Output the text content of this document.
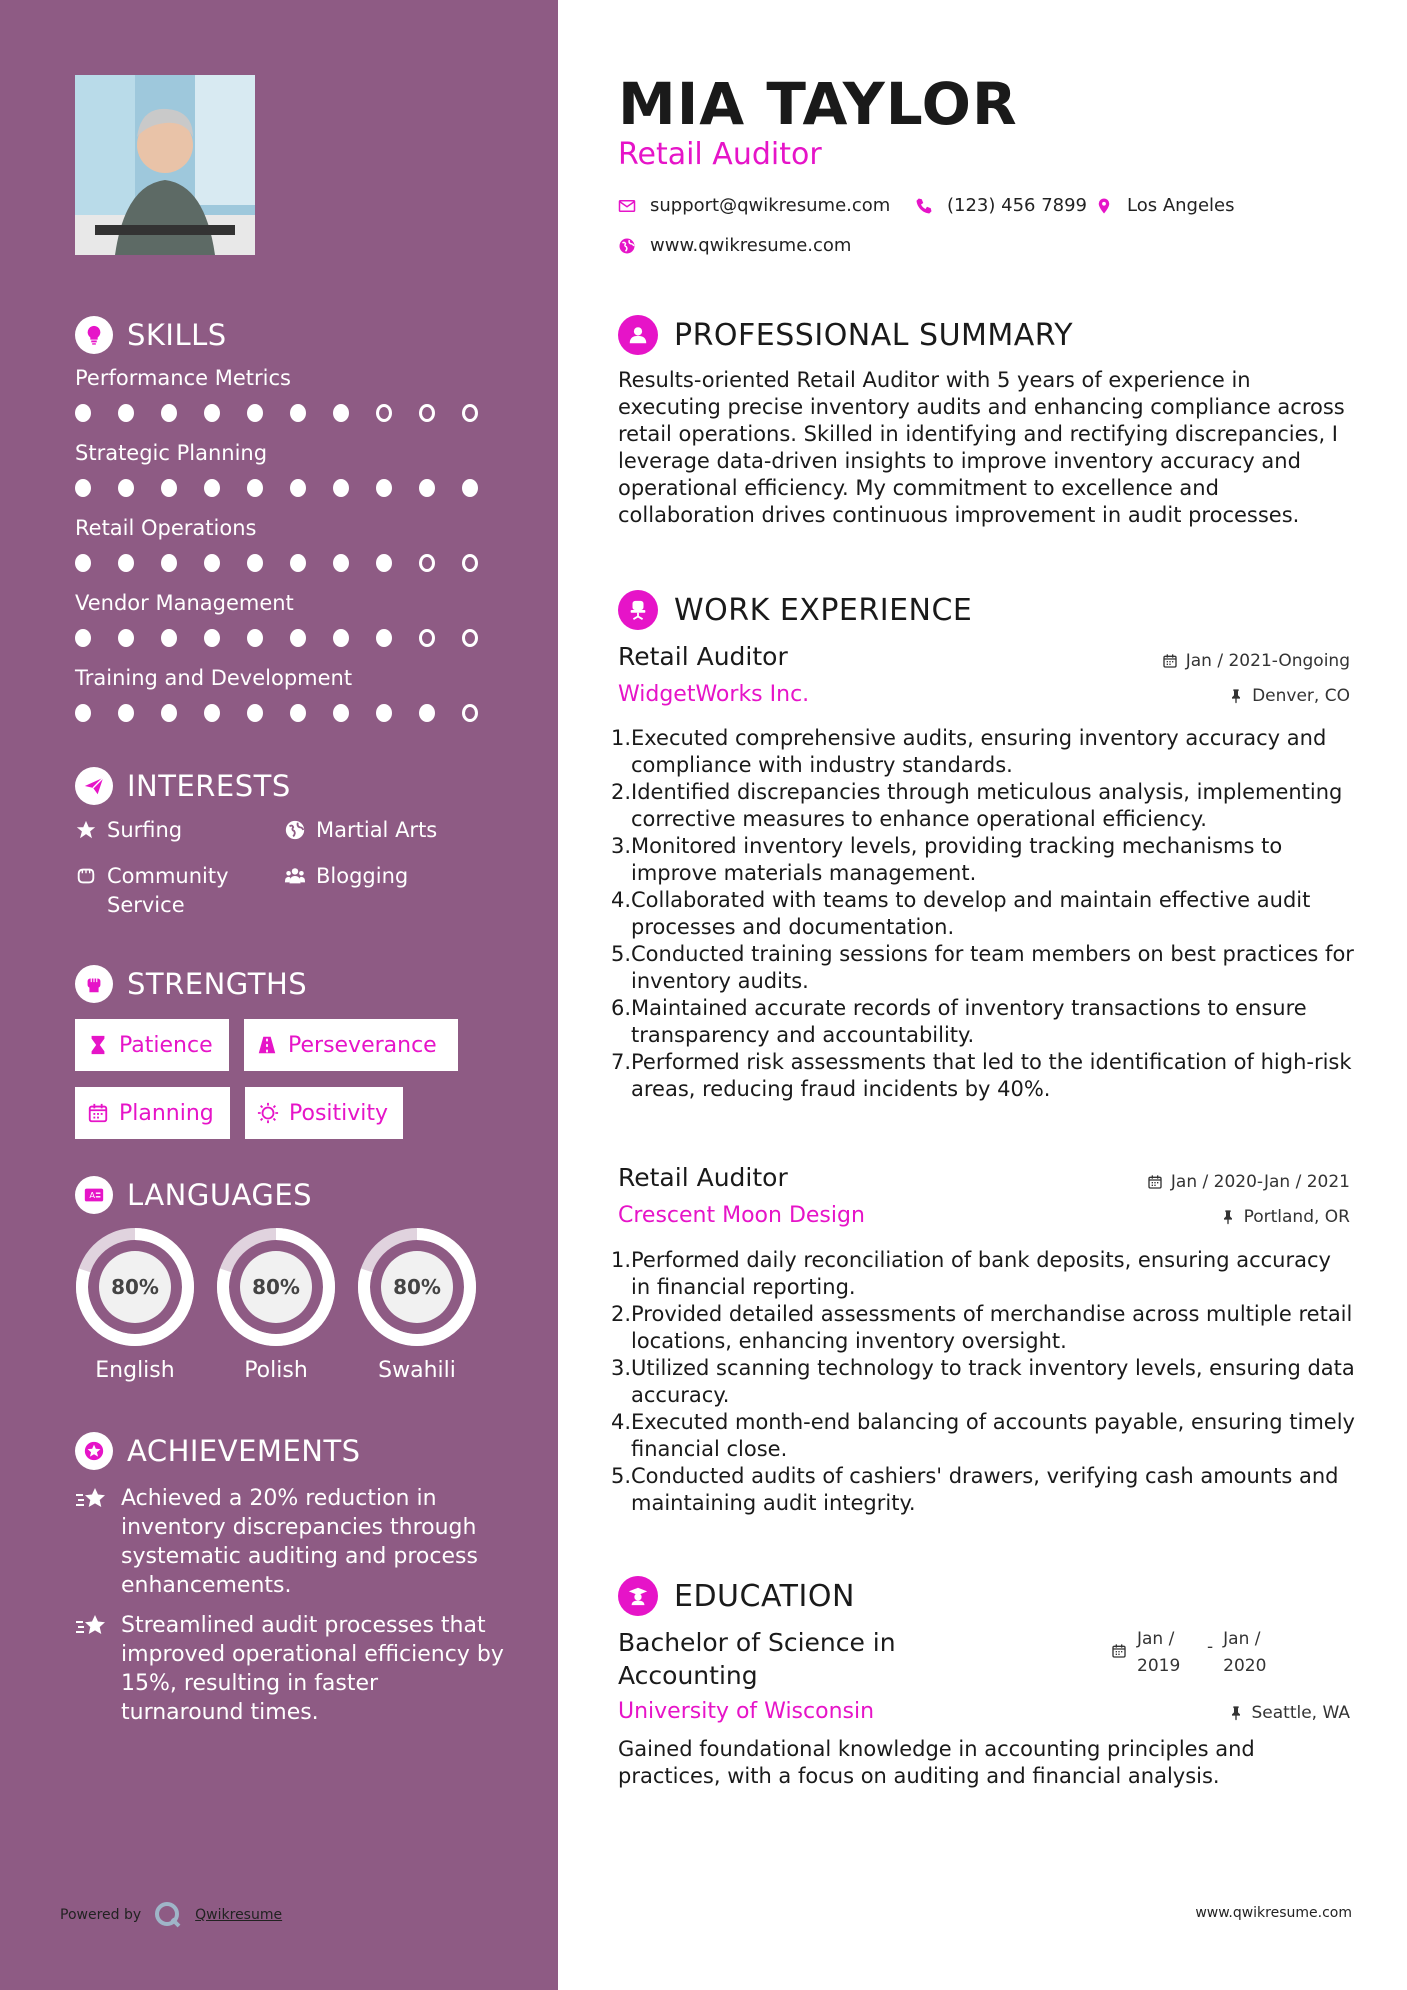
SKILLS
Performance Metrics
Strategic Planning
Retail Operations
Vendor Management
Training and Development
INTERESTS
Surfing	Martial Arts
Community Service
Blogging
STRENGTHS
Patience	Perseverance
Planning	Positivity
A LANGUAGES
80%
English
80%
Polish
80%
Swahili
ACHIEVEMENTS
Achieved a 20% reduction in inventory discrepancies through systematic auditing and process enhancements.
Streamlined audit processes that improved operational efficiency by 15%, resulting in faster turnaround times.
Powered by	Qwikresume
MIA TAYLOR
Retail Auditor
support@qwikresume.com	(123) 456 7899 Los Angeles
www.qwikresume.com
PROFESSIONAL SUMMARY
Results-oriented Retail Auditor with 5 years of experience in executing precise inventory audits and enhancing compliance across retail operations. Skilled in identifying and rectifying discrepancies, I leverage data-driven insights to improve inventory accuracy and operational efficiency. My commitment to excellence and collaboration drives continuous improvement in audit processes.
WORK EXPERIENCE
Retail Auditor	Jan / 2021-Ongoing
WidgetWorks Inc.	Denver, CO
1. Executed comprehensive audits, ensuring inventory accuracy and compliance with industry standards.
2. Identified discrepancies through meticulous analysis, implementing corrective measures to enhance operational efficiency.
3. Monitored inventory levels, providing tracking mechanisms to improve materials management.
4. Collaborated with teams to develop and maintain effective audit processes and documentation.
5. Conducted training sessions for team members on best practices for inventory audits.
6. Maintained accurate records of inventory transactions to ensure transparency and accountability.
7. Performed risk assessments that led to the identification of high-risk areas, reducing fraud incidents by 40%.
Retail Auditor	Jan / 2020-Jan / 2021
Crescent Moon Design	Portland, OR
1. Performed daily reconciliation of bank deposits, ensuring accuracy in financial reporting.
2. Provided detailed assessments of merchandise across multiple retail locations, enhancing inventory oversight.
3. Utilized scanning technology to track inventory levels, ensuring data accuracy.
4. Executed month-end balancing of accounts payable, ensuring timely financial close.
5. Conducted audits of cashiers' drawers, verifying cash amounts and maintaining audit integrity.
EDUCATION
Bachelor of Science in Accounting
Jan / 2019
- Jan / 2020
University of Wisconsin	Seattle, WA
Gained foundational knowledge in accounting principles and practices, with a focus on auditing and financial analysis.
www.qwikresume.com
